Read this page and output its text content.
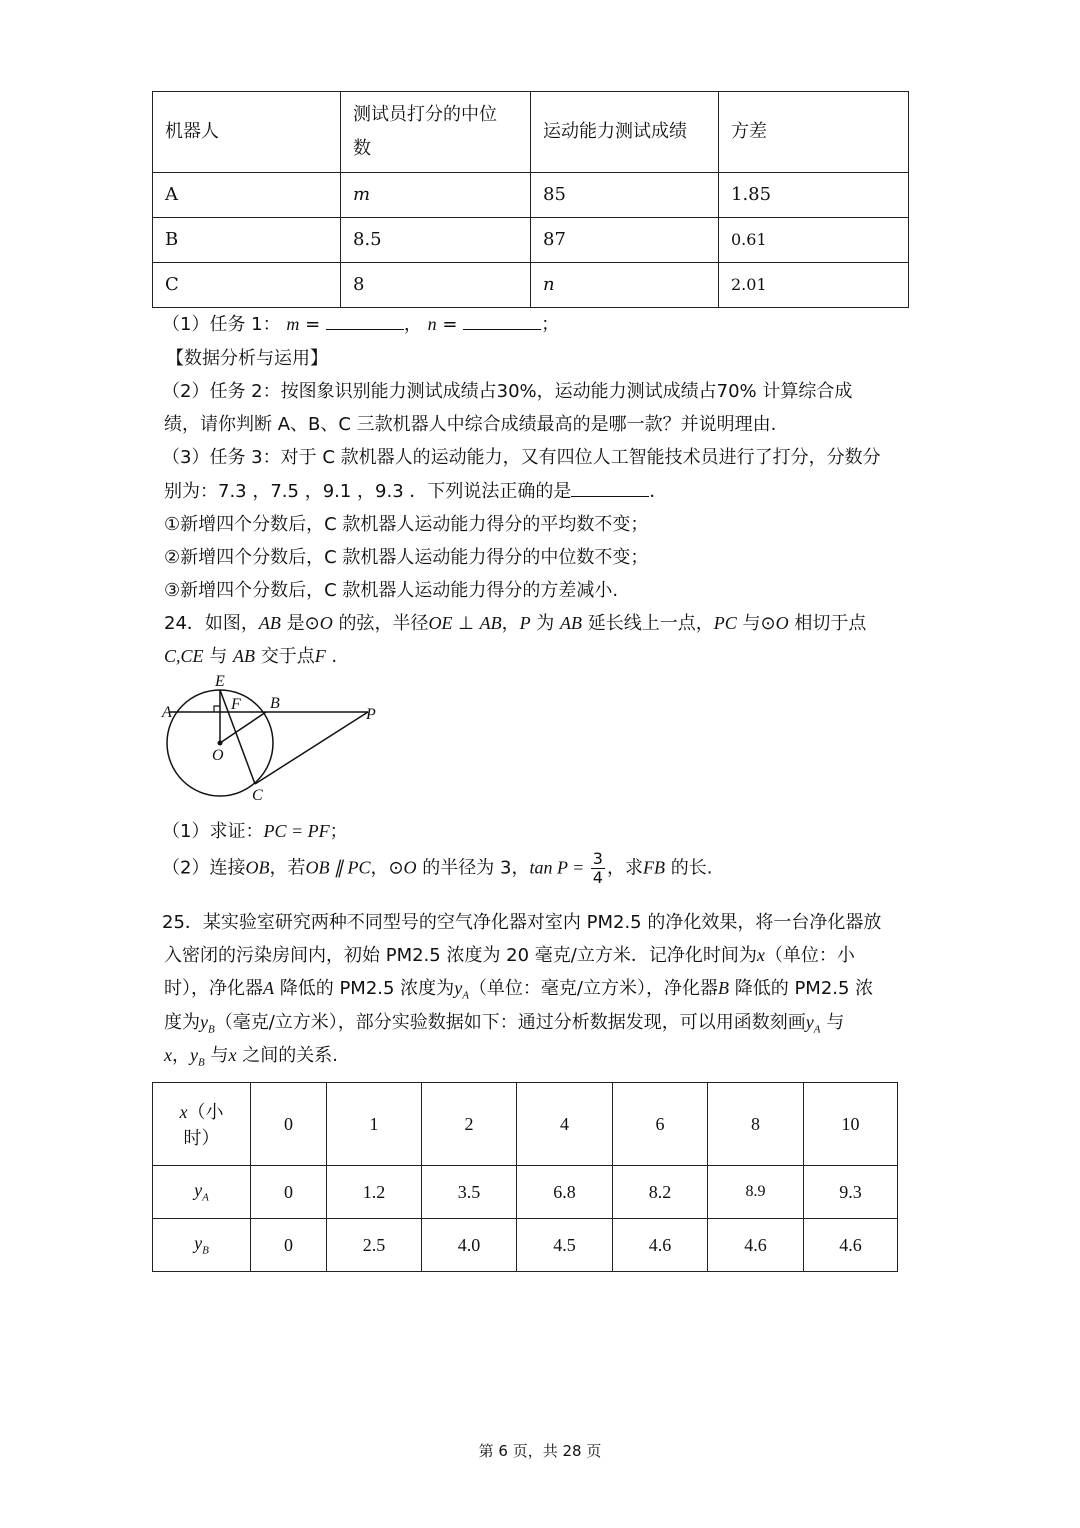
机器人	测试员打分的中位数	运动能力测试成绩	方差
A	m	85	1.85
B	8.5	87	0.61
C	8	n	2.01
（1）任务 1： m =	， n =	；
【数据分析与运用】
（2）任务 2：按图象识别能力测试成绩占30%，运动能力测试成绩占70% 计算综合成
绩，请你判断 A、B、C 三款机器人中综合成绩最高的是哪一款？并说明理由.
（3）任务 3：对于 C 款机器人的运动能力，又有四位人工智能技术员进行了打分，分数分
别为：7.3 ，7.5 ，9.1 ，9.3 ．下列说法正确的是	．
①新增四个分数后，C 款机器人运动能力得分的平均数不变；
②新增四个分数后，C 款机器人运动能力得分的中位数不变；
③新增四个分数后，C 款机器人运动能力得分的方差减小.
24．如图，AB 是⊙O 的弦，半径OE ⊥ AB，P 为 AB 延长线上一点，PC 与⊙O 相切于点
C,CE 与 AB 交于点F .
E
A	F B
P
O
C
（1）求证：PC = PF；
（2）连接OB，若OB ∥ PC，⊙O 的半径为 3，$\tan P = \frac{3}{4}$ ，求FB 的长.
25．某实验室研究两种不同型号的空气净化器对室内 PM2.5 的净化效果，将一台净化器放
入密闭的污染房间内，初始 PM2.5 浓度为 20 毫克/立方米．记净化时间为x（单位：小
时），净化器A 降低的 PM2.5 浓度为$y_A$（单位：毫克/立方米），净化器B 降低的 PM2.5 浓
度为$y_B$（毫克/立方米），部分实验数据如下：通过分析数据发现，可以用函数刻画$y_A$ 与
x，$y_B$ 与x 之间的关系.
x（小
时）	0	1	2	4	6	8	10
$y_A$	0	1.2	3.5	6.8	8.2	8.9	9.3
$y_B$	0	2.5	4.0	4.5	4.6	4.6	4.6
第 6 页，共 28 页
